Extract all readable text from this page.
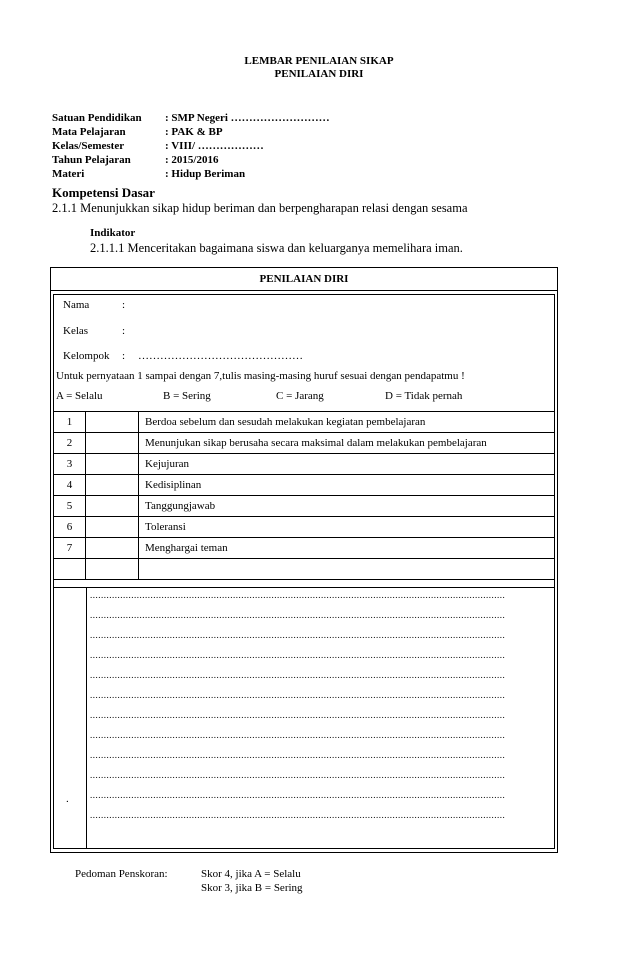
LEMBAR PENILAIAN SIKAP
PENILAIAN DIRI
Satuan Pendidikan : SMP Negeri ………………………
Mata Pelajaran	: PAK & BP
Kelas/Semester	: VIII/ ………………
Tahun Pelajaran	: 2015/2016
Materi	: Hidup Beriman
Kompetensi Dasar
2.1.1 Menunjukkan sikap hidup beriman dan berpengharapan relasi dengan sesama
Indikator
2.1.1.1 Menceritakan bagaimana siswa dan keluarganya memelihara iman.
PENILAIAN DIRI
Nama	:
Kelas	:
Kelompok : ………………………………………
Untuk pernyataan 1 sampai dengan 7,tulis masing-masing huruf sesuai dengan pendapatmu !
A = Selalu	B = Sering	C = Jarang	D = Tidak pernah
1		Berdoa sebelum dan sesudah melakukan kegiatan pembelajaran
2		Menunjukan sikap berusaha secara maksimal dalam melakukan pembelajaran
3		Kejujuran
4		Kedisiplinan
5		Tanggungjawab
6		Toleransi
7		Menghargai teman

.
.......................................................................................................................................................
.......................................................................................................................................................
.......................................................................................................................................................
.......................................................................................................................................................
.......................................................................................................................................................
.......................................................................................................................................................
.......................................................................................................................................................
.......................................................................................................................................................
.......................................................................................................................................................
.......................................................................................................................................................
.......................................................................................................................................................
.......................................................................................................................................................
Pedoman Penskoran:	Skor 4, jika A = Selalu
Skor 3, jika B = Sering
